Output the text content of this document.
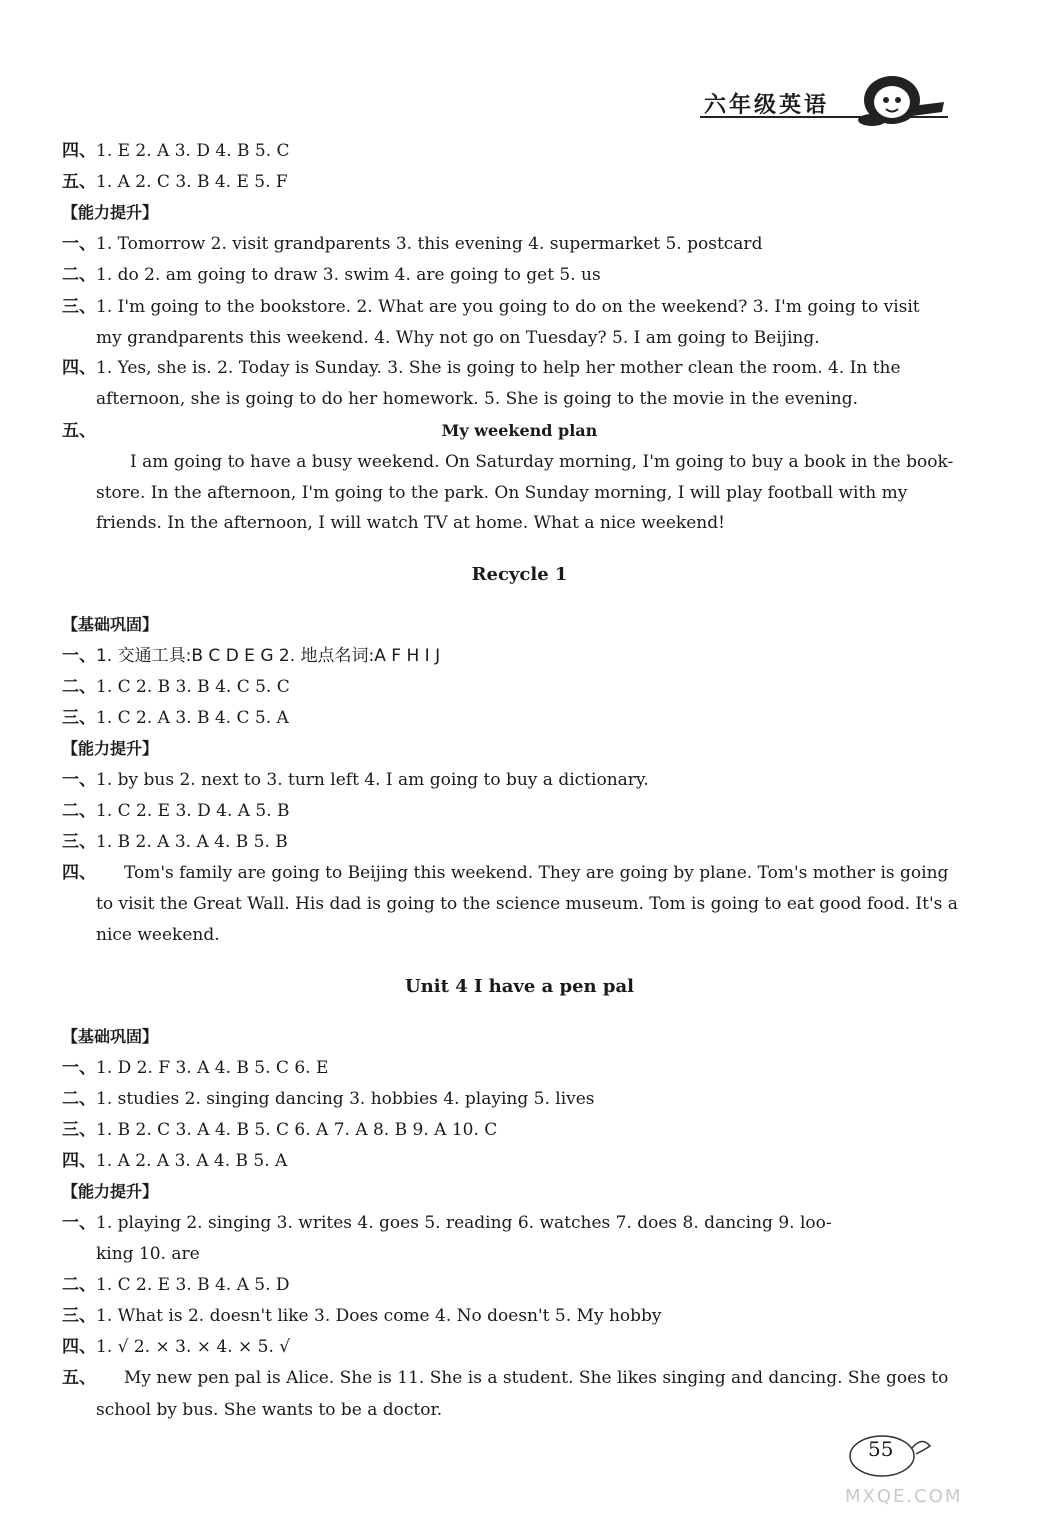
六年级英语
四、1. E 2. A 3. D 4. B 5. C
五、1. A 2. C 3. B 4. E 5. F
【能力提升】
一、1. Tomorrow 2. visit grandparents 3. this evening 4. supermarket 5. postcard
二、1. do 2. am going to draw 3. swim 4. are going to get 5. us
三、1. I'm going to the bookstore. 2. What are you going to do on the weekend? 3. I'm going to visit
my grandparents this weekend. 4. Why not go on Tuesday? 5. I am going to Beijing.
四、1. Yes, she is. 2. Today is Sunday. 3. She is going to help her mother clean the room. 4. In the
afternoon, she is going to do her homework. 5. She is going to the movie in the evening.
五、	My weekend plan
I am going to have a busy weekend. On Saturday morning, I'm going to buy a book in the book-
store. In the afternoon, I'm going to the park. On Sunday morning, I will play football with my
friends. In the afternoon, I will watch TV at home. What a nice weekend!
Recycle 1
【基础巩固】
一、1. 交通工具:B C D E G 2. 地点名词:A F H I J
二、1. C 2. B 3. B 4. C 5. C
三、1. C 2. A 3. B 4. C 5. A
【能力提升】
一、1. by bus 2. next to 3. turn left 4. I am going to buy a dictionary.
二、1. C 2. E 3. D 4. A 5. B
三、1. B 2. A 3. A 4. B 5. B
四、 Tom's family are going to Beijing this weekend. They are going by plane. Tom's mother is going
to visit the Great Wall. His dad is going to the science museum. Tom is going to eat good food. It's a
nice weekend.
Unit 4 I have a pen pal
【基础巩固】
一、1. D 2. F 3. A 4. B 5. C 6. E
二、1. studies 2. singing dancing 3. hobbies 4. playing 5. lives
三、1. B 2. C 3. A 4. B 5. C 6. A 7. A 8. B 9. A 10. C
四、1. A 2. A 3. A 4. B 5. A
【能力提升】
一、1. playing 2. singing 3. writes 4. goes 5. reading 6. watches 7. does 8. dancing 9. loo-
king 10. are
二、1. C 2. E 3. B 4. A 5. D
三、1. What is 2. doesn't like 3. Does come 4. No doesn't 5. My hobby
四、1. √ 2. × 3. × 4. × 5. √
五、 My new pen pal is Alice. She is 11. She is a student. She likes singing and dancing. She goes to
school by bus. She wants to be a doctor.
55
MXQE.COM
